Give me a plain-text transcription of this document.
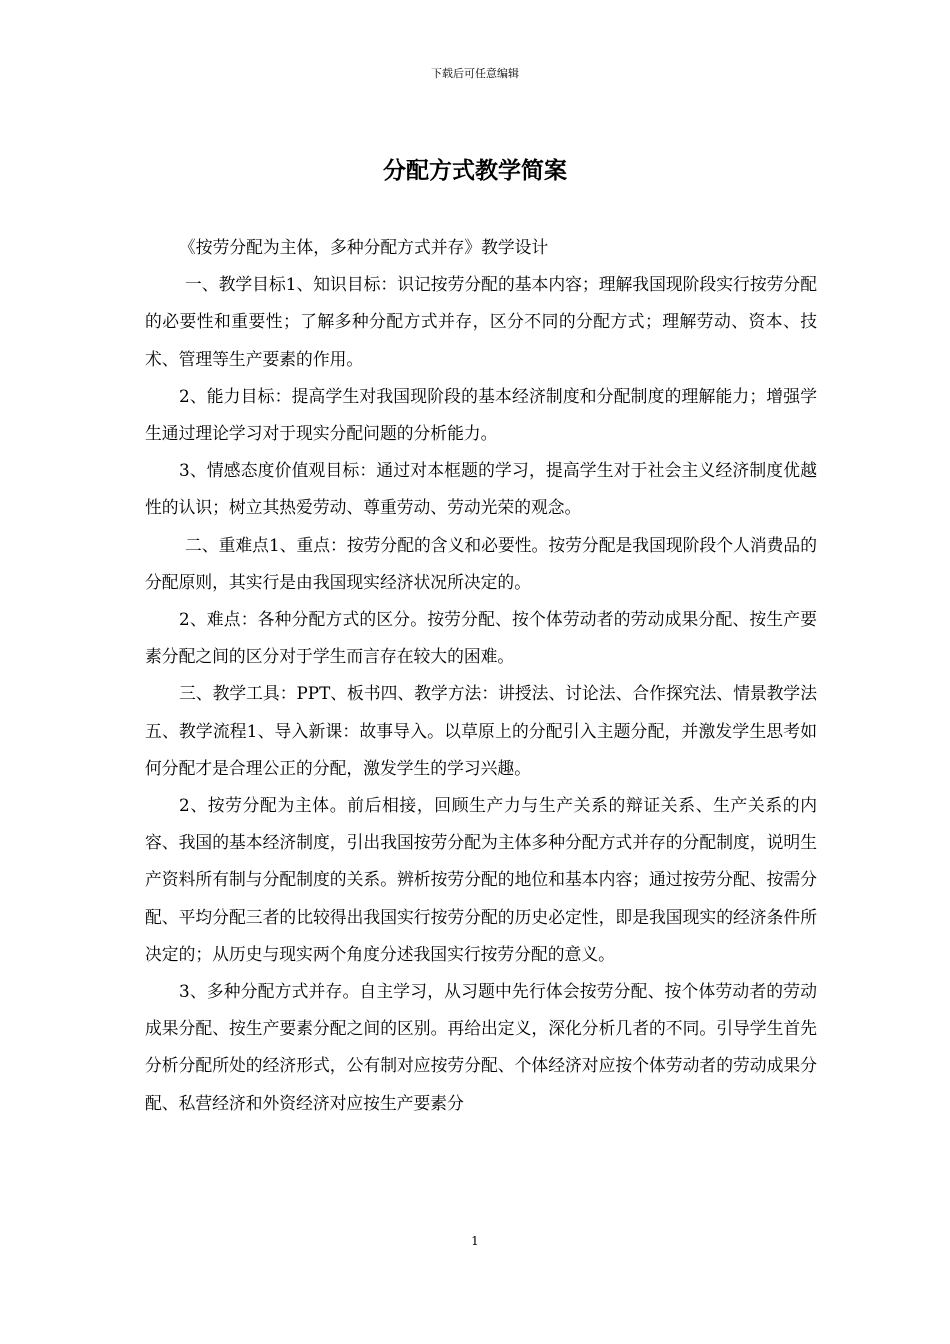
下载后可任意编辑
分配方式教学简案

《按劳分配为主体，多种分配方式并存》教学设计

一、教学目标1、知识目标：识记按劳分配的基本内容；理解我国现阶段实行按劳分配的必要性和重要性；了解多种分配方式并存，区分不同的分配方式；理解劳动、资本、技术、管理等生产要素的作用。

2、能力目标：提高学生对我国现阶段的基本经济制度和分配制度的理解能力；增强学生通过理论学习对于现实分配问题的分析能力。

3、情感态度价值观目标：通过对本框题的学习，提高学生对于社会主义经济制度优越性的认识；树立其热爱劳动、尊重劳动、劳动光荣的观念。

二、重难点1、重点：按劳分配的含义和必要性。按劳分配是我国现阶段个人消费品的分配原则，其实行是由我国现实经济状况所决定的。

2、难点：各种分配方式的区分。按劳分配、按个体劳动者的劳动成果分配、按生产要素分配之间的区分对于学生而言存在较大的困难。

三、教学工具：PPT、板书四、教学方法：讲授法、讨论法、合作探究法、情景教学法五、教学流程1、导入新课：故事导入。以草原上的分配引入主题分配，并激发学生思考如何分配才是合理公正的分配，激发学生的学习兴趣。

2、按劳分配为主体。前后相接，回顾生产力与生产关系的辩证关系、生产关系的内容、我国的基本经济制度，引出我国按劳分配为主体多种分配方式并存的分配制度，说明生产资料所有制与分配制度的关系。辨析按劳分配的地位和基本内容；通过按劳分配、按需分配、平均分配三者的比较得出我国实行按劳分配的历史必定性，即是我国现实的经济条件所决定的；从历史与现实两个角度分述我国实行按劳分配的意义。

3、多种分配方式并存。自主学习，从习题中先行体会按劳分配、按个体劳动者的劳动成果分配、按生产要素分配之间的区别。再给出定义，深化分析几者的不同。引导学生首先分析分配所处的经济形式，公有制对应按劳分配、个体经济对应按个体劳动者的劳动成果分配、私营经济和外资经济对应按生产要素分

1
